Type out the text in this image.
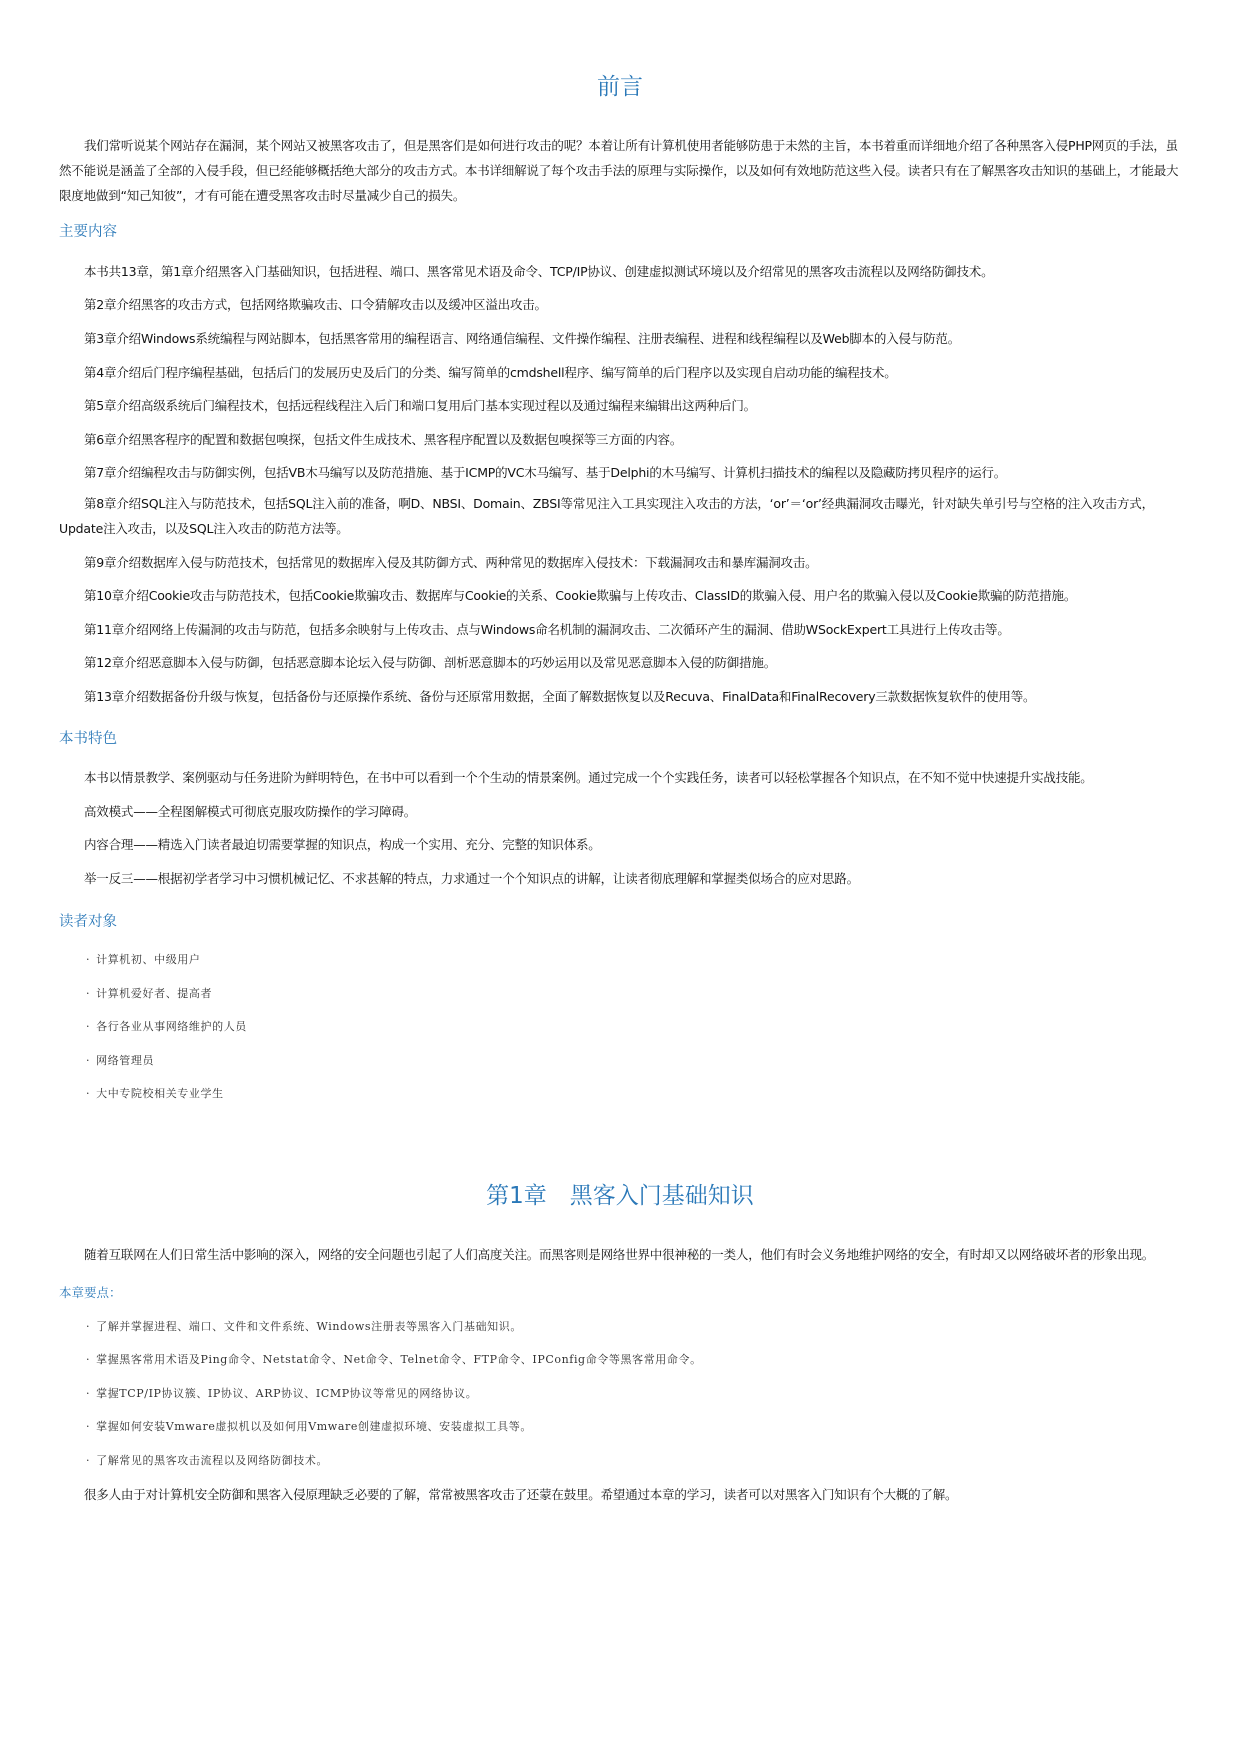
前言
我们常听说某个网站存在漏洞，某个网站又被黑客攻击了，但是黑客们是如何进行攻击的呢？本着让所有计算机使用者能够防患于未然的主旨，本书着重而详细地介绍了各种黑客入侵PHP网页的手法，虽然不能说是涵盖了全部的入侵手段，但已经能够概括绝大部分的攻击方式。本书详细解说了每个攻击手法的原理与实际操作，以及如何有效地防范这些入侵。读者只有在了解黑客攻击知识的基础上，才能最大限度地做到“知己知彼”，才有可能在遭受黑客攻击时尽量减少自己的损失。
主要内容
本书共13章，第1章介绍黑客入门基础知识，包括进程、端口、黑客常见术语及命令、TCP/IP协议、创建虚拟测试环境以及介绍常见的黑客攻击流程以及网络防御技术。
第2章介绍黑客的攻击方式，包括网络欺骗攻击、口令猜解攻击以及缓冲区溢出攻击。
第3章介绍Windows系统编程与网站脚本，包括黑客常用的编程语言、网络通信编程、文件操作编程、注册表编程、进程和线程编程以及Web脚本的入侵与防范。
第4章介绍后门程序编程基础，包括后门的发展历史及后门的分类、编写简单的cmdshell程序、编写简单的后门程序以及实现自启动功能的编程技术。
第5章介绍高级系统后门编程技术，包括远程线程注入后门和端口复用后门基本实现过程以及通过编程来编辑出这两种后门。
第6章介绍黑客程序的配置和数据包嗅探，包括文件生成技术、黑客程序配置以及数据包嗅探等三方面的内容。
第7章介绍编程攻击与防御实例，包括VB木马编写以及防范措施、基于ICMP的VC木马编写、基于Delphi的木马编写、计算机扫描技术的编程以及隐藏防拷贝程序的运行。
第8章介绍SQL注入与防范技术，包括SQL注入前的准备，啊D、NBSI、Domain、ZBSI等常见注入工具实现注入攻击的方法，‘or’＝‘or’经典漏洞攻击曝光，针对缺失单引号与空格的注入攻击方式，Update注入攻击，以及SQL注入攻击的防范方法等。
第9章介绍数据库入侵与防范技术，包括常见的数据库入侵及其防御方式、两种常见的数据库入侵技术：下载漏洞攻击和暴库漏洞攻击。
第10章介绍Cookie攻击与防范技术，包括Cookie欺骗攻击、数据库与Cookie的关系、Cookie欺骗与上传攻击、ClassID的欺骗入侵、用户名的欺骗入侵以及Cookie欺骗的防范措施。
第11章介绍网络上传漏洞的攻击与防范，包括多余映射与上传攻击、点与Windows命名机制的漏洞攻击、二次循环产生的漏洞、借助WSockExpert工具进行上传攻击等。
第12章介绍恶意脚本入侵与防御，包括恶意脚本论坛入侵与防御、剖析恶意脚本的巧妙运用以及常见恶意脚本入侵的防御措施。
第13章介绍数据备份升级与恢复，包括备份与还原操作系统、备份与还原常用数据，全面了解数据恢复以及Recuva、FinalData和FinalRecovery三款数据恢复软件的使用等。
本书特色
本书以情景教学、案例驱动与任务进阶为鲜明特色，在书中可以看到一个个生动的情景案例。通过完成一个个实践任务，读者可以轻松掌握各个知识点，在不知不觉中快速提升实战技能。
高效模式——全程图解模式可彻底克服攻防操作的学习障碍。
内容合理——精选入门读者最迫切需要掌握的知识点，构成一个实用、充分、完整的知识体系。
举一反三——根据初学者学习中习惯机械记忆、不求甚解的特点，力求通过一个个知识点的讲解，让读者彻底理解和掌握类似场合的应对思路。
读者对象
· 计算机初、中级用户
· 计算机爱好者、提高者
· 各行各业从事网络维护的人员
· 网络管理员
· 大中专院校相关专业学生
第1章　黑客入门基础知识
随着互联网在人们日常生活中影响的深入，网络的安全问题也引起了人们高度关注。而黑客则是网络世界中很神秘的一类人，他们有时会义务地维护网络的安全，有时却又以网络破坏者的形象出现。
本章要点：
· 了解并掌握进程、端口、文件和文件系统、Windows注册表等黑客入门基础知识。
· 掌握黑客常用术语及Ping命令、Netstat命令、Net命令、Telnet命令、FTP命令、IPConfig命令等黑客常用命令。
· 掌握TCP/IP协议簇、IP协议、ARP协议、ICMP协议等常见的网络协议。
· 掌握如何安装Vmware虚拟机以及如何用Vmware创建虚拟环境、安装虚拟工具等。
· 了解常见的黑客攻击流程以及网络防御技术。
很多人由于对计算机安全防御和黑客入侵原理缺乏必要的了解，常常被黑客攻击了还蒙在鼓里。希望通过本章的学习，读者可以对黑客入门知识有个大概的了解。
